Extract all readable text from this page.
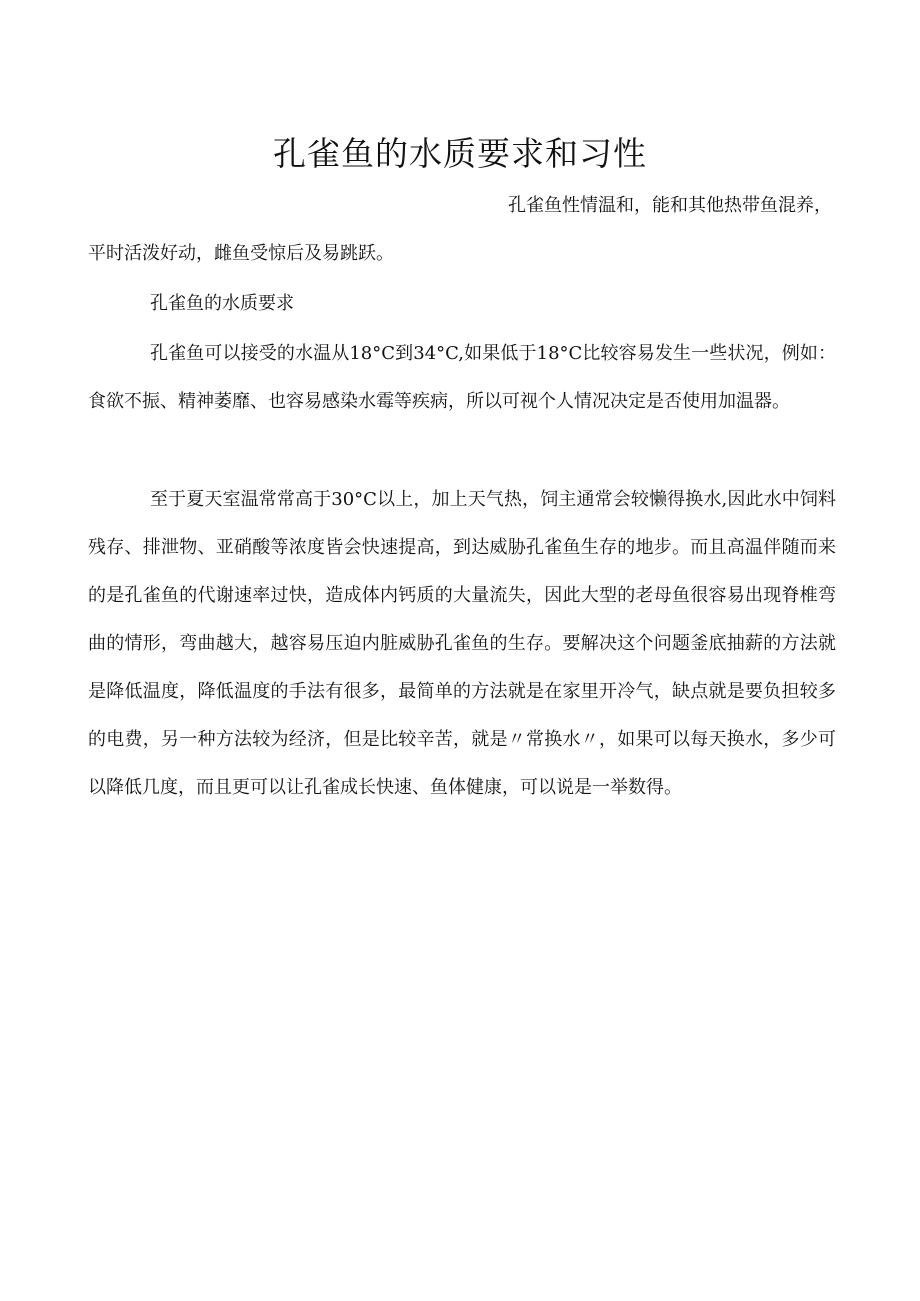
孔雀鱼的水质要求和习性
孔雀鱼性情温和，能和其他热带鱼混养，
平时活泼好动，雌鱼受惊后及易跳跃。
孔雀鱼的水质要求
孔雀鱼可以接受的水温从18°C到34°C,如果低于18°C比较容易发生一些状况，例如：食欲不振、精神萎靡、也容易感染水霉等疾病，所以可视个人情况决定是否使用加温器。
至于夏天室温常常高于30°C以上，加上天气热，饲主通常会较懒得换水,因此水中饲料残存、排泄物、亚硝酸等浓度皆会快速提高，到达威胁孔雀鱼生存的地步。而且高温伴随而来的是孔雀鱼的代谢速率过快，造成体内钙质的大量流失，因此大型的老母鱼很容易出现脊椎弯曲的情形，弯曲越大，越容易压迫内脏威胁孔雀鱼的生存。要解决这个问题釜底抽薪的方法就是降低温度，降低温度的手法有很多，最简单的方法就是在家里开冷气，缺点就是要负担较多的电费，另一种方法较为经济，但是比较辛苦，就是〃常换水〃，如果可以每天换水，多少可以降低几度，而且更可以让孔雀成长快速、鱼体健康，可以说是一举数得。
